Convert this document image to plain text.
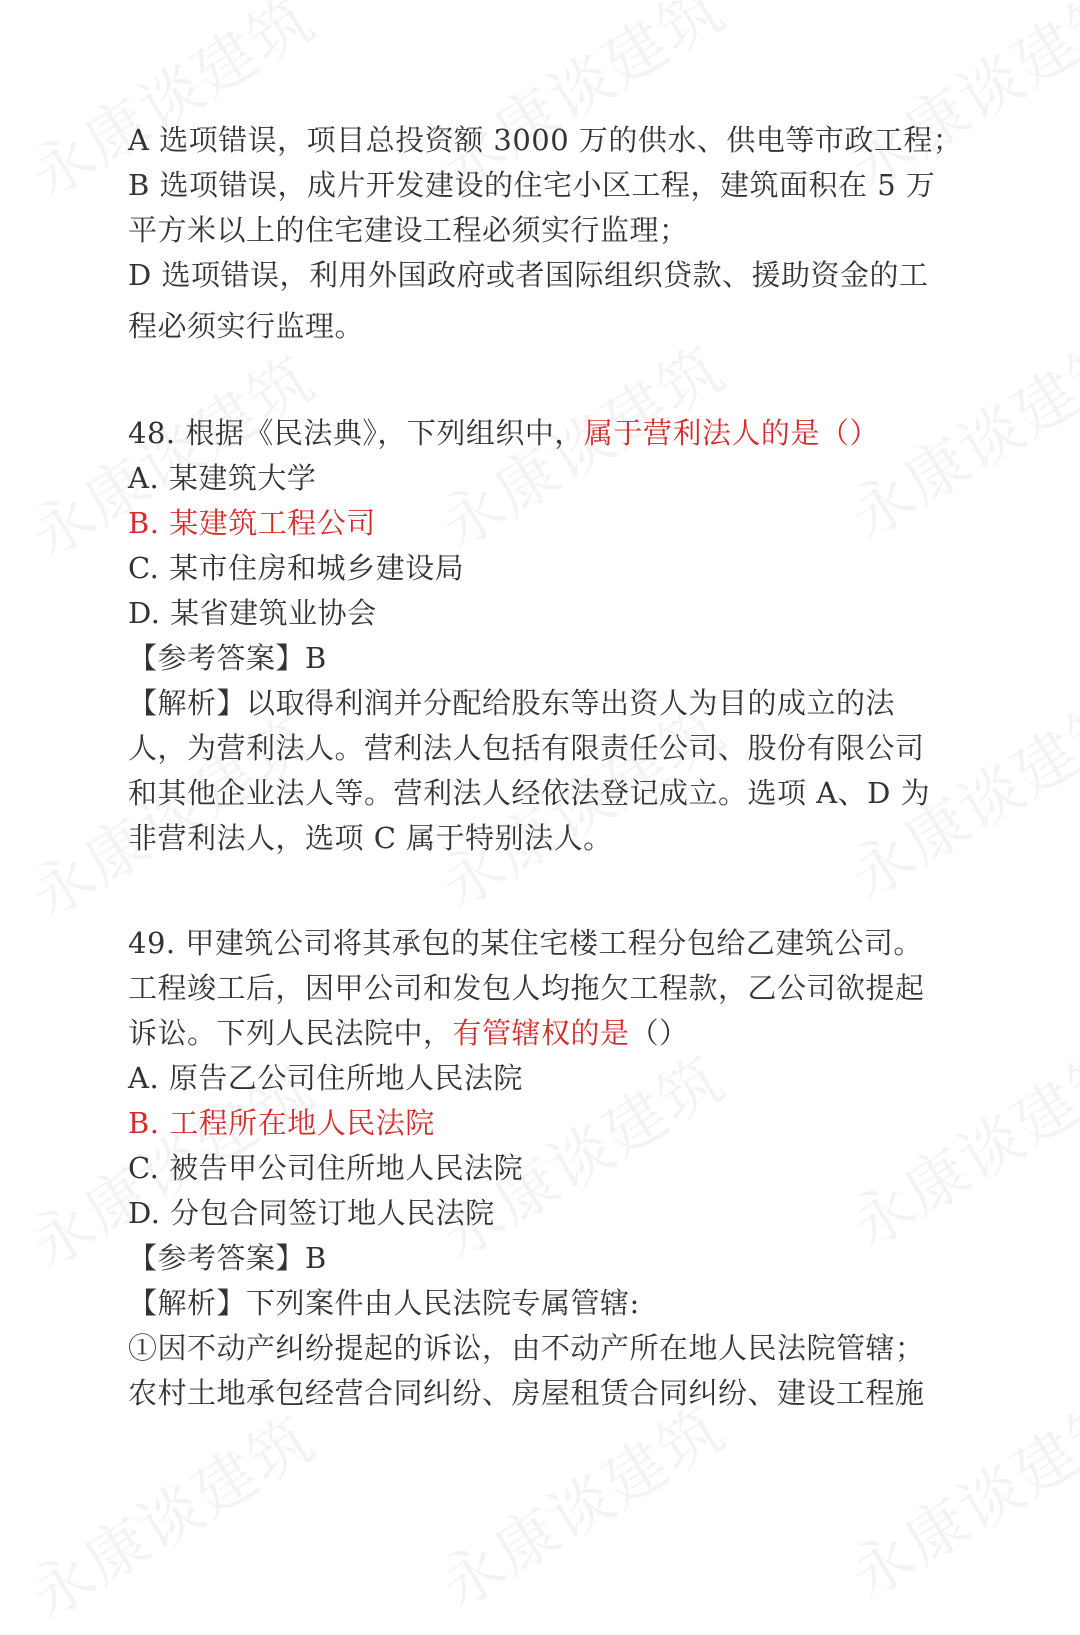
A 选项错误，项目总投资额 3000 万的供水、供电等市政工程；
B 选项错误，成片开发建设的住宅小区工程，建筑面积在 5 万
平方米以上的住宅建设工程必须实行监理；
D 选项错误，利用外国政府或者国际组织贷款、援助资金的工
程必须实行监理。
48. 根据《民法典》，下列组织中，属于营利法人的是（）
A. 某建筑大学
B. 某建筑工程公司
C. 某市住房和城乡建设局
D. 某省建筑业协会
【参考答案】B
【解析】以取得利润并分配给股东等出资人为目的成立的法
人，为营利法人。营利法人包括有限责任公司、股份有限公司
和其他企业法人等。营利法人经依法登记成立。选项 A、D 为
非营利法人，选项 C 属于特别法人。
49. 甲建筑公司将其承包的某住宅楼工程分包给乙建筑公司。
工程竣工后，因甲公司和发包人均拖欠工程款，乙公司欲提起
诉讼。下列人民法院中，有管辖权的是（）
A. 原告乙公司住所地人民法院
B. 工程所在地人民法院
C. 被告甲公司住所地人民法院
D. 分包合同签订地人民法院
【参考答案】B
【解析】下列案件由人民法院专属管辖:
①因不动产纠纷提起的诉讼，由不动产所在地人民法院管辖；
农村土地承包经营合同纠纷、房屋租赁合同纠纷、建设工程施
